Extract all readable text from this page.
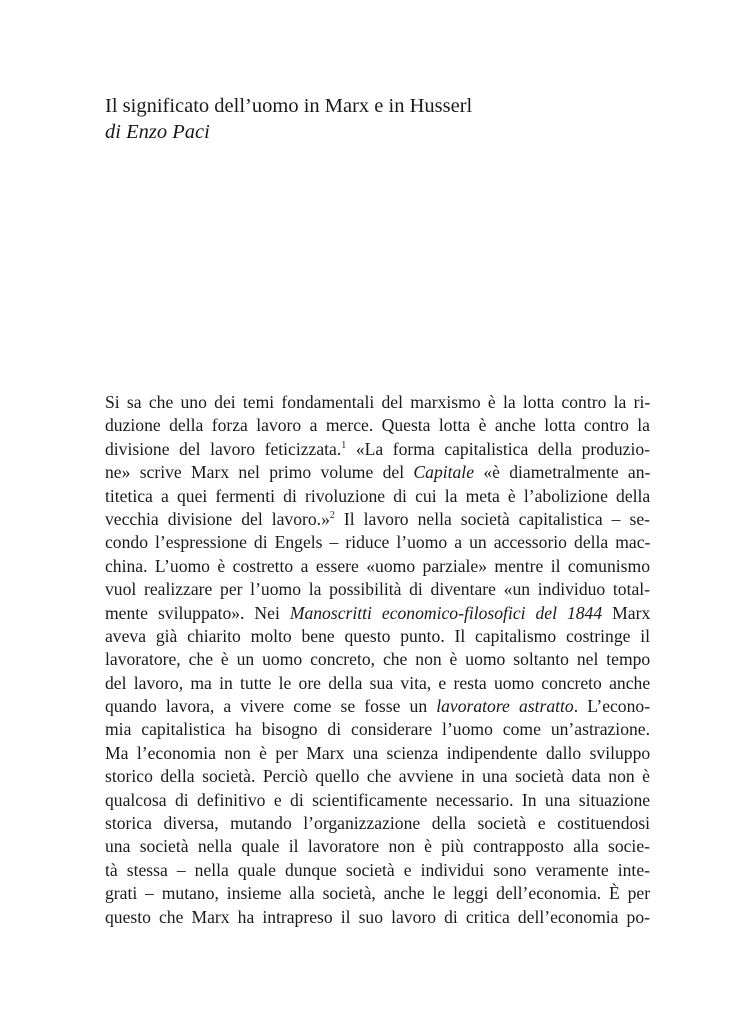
Il significato dell’uomo in Marx e in Husserl
di Enzo Paci
Si sa che uno dei temi fondamentali del marxismo è la lotta contro la ri-
duzione della forza lavoro a merce. Questa lotta è anche lotta contro la
divisione del lavoro feticizzata.$^1$ «La forma capitalistica della produzio-
ne» scrive Marx nel primo volume del Capitale «è diametralmente an-
titetica a quei fermenti di rivoluzione di cui la meta è l’abolizione della
vecchia divisione del lavoro.»$^2$ Il lavoro nella società capitalistica – se-
condo l’espressione di Engels – riduce l’uomo a un accessorio della mac-
china. L’uomo è costretto a essere «uomo parziale» mentre il comunismo
vuol realizzare per l’uomo la possibilità di diventare «un individuo total-
mente sviluppato». Nei Manoscritti economico-filosofici del 1844 Marx
aveva già chiarito molto bene questo punto. Il capitalismo costringe il
lavoratore, che è un uomo concreto, che non è uomo soltanto nel tempo
del lavoro, ma in tutte le ore della sua vita, e resta uomo concreto anche
quando lavora, a vivere come se fosse un lavoratore astratto. L’econo-
mia capitalistica ha bisogno di considerare l’uomo come un’astrazione.
Ma l’economia non è per Marx una scienza indipendente dallo sviluppo
storico della società. Perciò quello che avviene in una società data non è
qualcosa di definitivo e di scientificamente necessario. In una situazione
storica diversa, mutando l’organizzazione della società e costituendosi
una società nella quale il lavoratore non è più contrapposto alla socie-
tà stessa – nella quale dunque società e individui sono veramente inte-
grati – mutano, insieme alla società, anche le leggi dell’economia. È per
questo che Marx ha intrapreso il suo lavoro di critica dell’economia po-
